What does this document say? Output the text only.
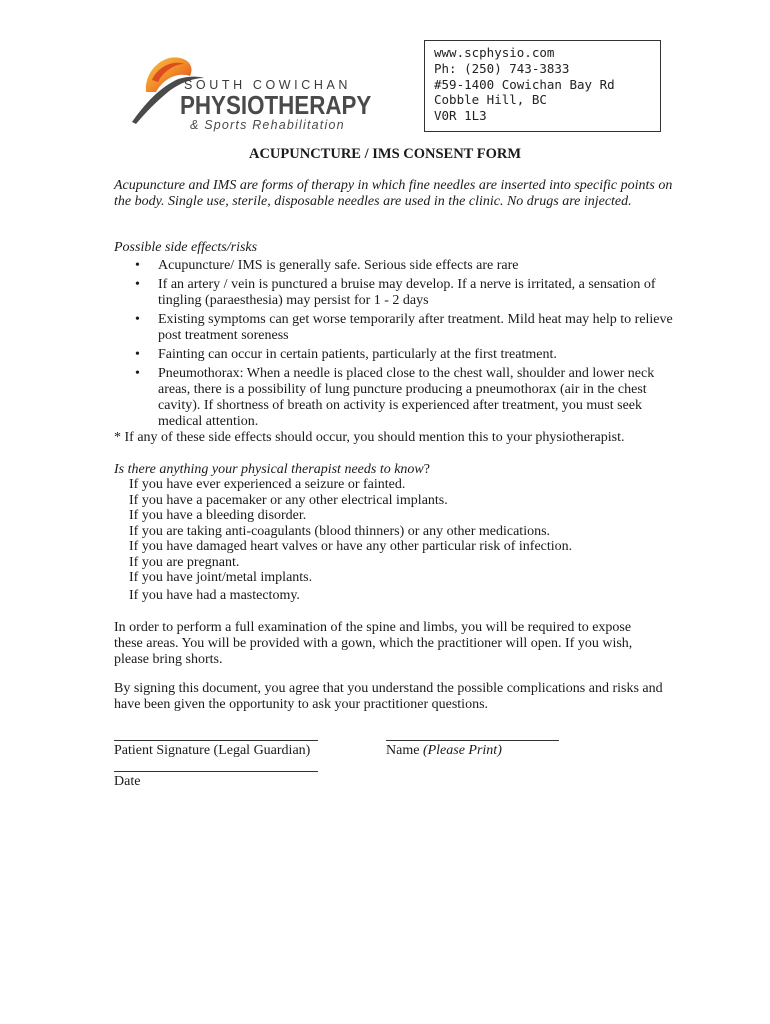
SOUTH COWICHAN
PHYSIOTHERAPY
& Sports Rehabilitation
www.scphysio.com
Ph: (250) 743-3833
#59-1400 Cowichan Bay Rd
Cobble Hill, BC
V0R 1L3
ACUPUNCTURE / IMS CONSENT FORM
Acupuncture and IMS are forms of therapy in which fine needles are inserted into specific points on the body. Single use, sterile, disposable needles are used in the clinic. No drugs are injected.
Possible side effects/risks
• Acupuncture/ IMS is generally safe. Serious side effects are rare
• If an artery / vein is punctured a bruise may develop. If a nerve is irritated, a sensation of tingling (paraesthesia) may persist for 1 - 2 days
• Existing symptoms can get worse temporarily after treatment. Mild heat may help to relieve post treatment soreness
• Fainting can occur in certain patients, particularly at the first treatment.
• Pneumothorax: When a needle is placed close to the chest wall, shoulder and lower neck areas, there is a possibility of lung puncture producing a pneumothorax (air in the chest cavity). If shortness of breath on activity is experienced after treatment, you must seek medical attention.
* If any of these side effects should occur, you should mention this to your physiotherapist.
Is there anything your physical therapist needs to know?
If you have ever experienced a seizure or fainted.
If you have a pacemaker or any other electrical implants.
If you have a bleeding disorder.
If you are taking anti-coagulants (blood thinners) or any other medications.
If you have damaged heart valves or have any other particular risk of infection.
If you are pregnant.
If you have joint/metal implants.
If you have had a mastectomy.
In order to perform a full examination of the spine and limbs, you will be required to expose these areas. You will be provided with a gown, which the practitioner will open. If you wish, please bring shorts.
By signing this document, you agree that you understand the possible complications and risks and have been given the opportunity to ask your practitioner questions.
Patient Signature (Legal Guardian)	Name (Please Print)
Date
